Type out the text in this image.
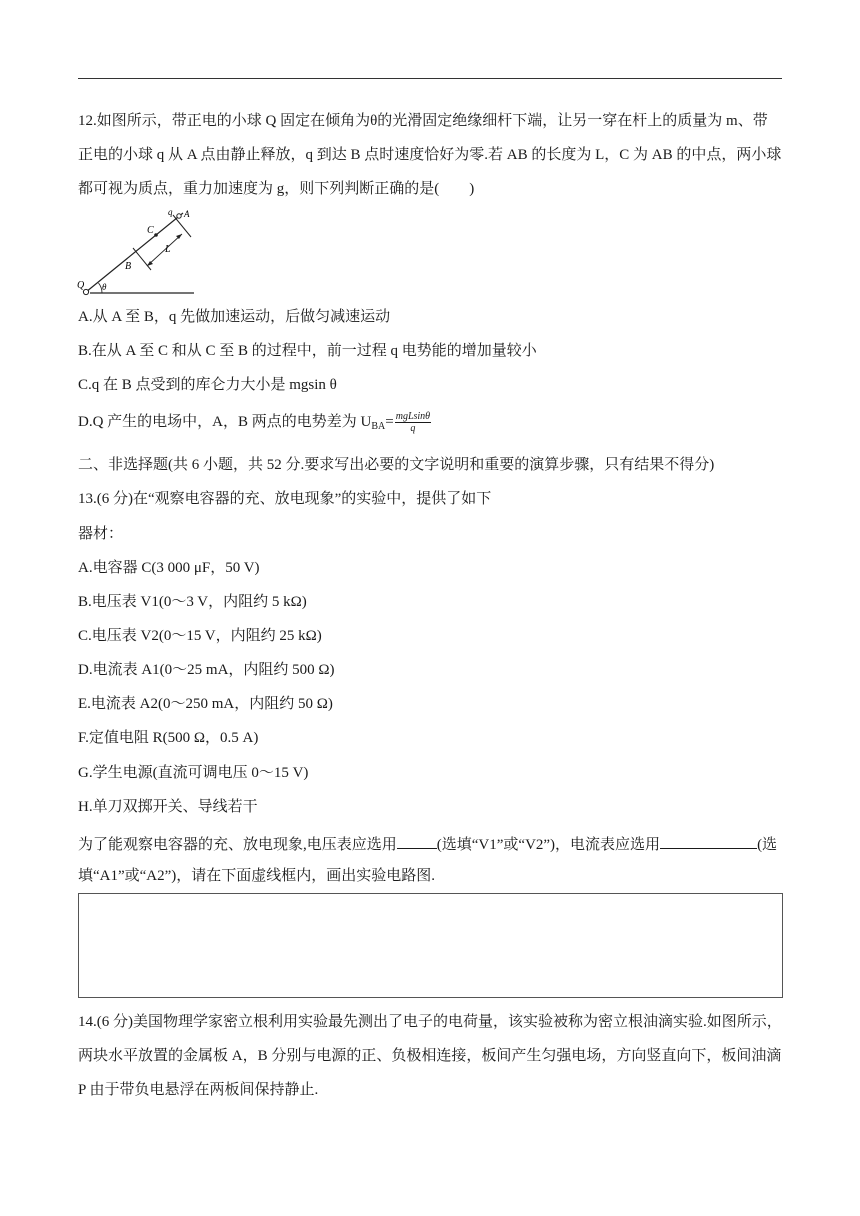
12.如图所示，带正电的小球 Q 固定在倾角为θ的光滑固定绝缘细杆下端，让另一穿在杆上的质量为 m、带正电的小球 q 从 A 点由静止释放，q 到达 B 点时速度恰好为零.若 AB 的长度为 L，C 为 AB 的中点，两小球都可视为质点，重力加速度为 g，则下列判断正确的是(　　)
Q θ
B
C
q A
L
A.从 A 至 B，q 先做加速运动，后做匀减速运动
B.在从 A 至 C 和从 C 至 B 的过程中，前一过程 q 电势能的增加量较小
C.q 在 B 点受到的库仑力大小是 mgsin θ
D.Q 产生的电场中，A，B 两点的电势差为 $U_{BA}= \frac{\text{mgLsinθ}}{q}$
二、非选择题(共 6 小题，共 52 分.要求写出必要的文字说明和重要的演算步骤，只有结果不得分)
13.(6 分)在“观察电容器的充、放电现象”的实验中，提供了如下
器材：
A.电容器 C(3 000 μF，50 V)
B.电压表 V1(0～3 V，内阻约 5 kΩ)
C.电压表 V2(0～15 V，内阻约 25 kΩ)
D.电流表 A1(0～25 mA，内阻约 500 Ω)
E.电流表 A2(0～250 mA，内阻约 50 Ω)
F.定值电阻 R(500 Ω，0.5 A)
G.学生电源(直流可调电压 0～15 V)
H.单刀双掷开关、导线若干
为了能观察电容器的充、放电现象,电压表应选用	(选填“V1”或“V2”)，电流表应选用	(选
填“A1”或“A2”)，请在下面虚线框内，画出实验电路图.
14.(6 分)美国物理学家密立根利用实验最先测出了电子的电荷量，该实验被称为密立根油滴实验.如图所示，两块水平放置的金属板 A，B 分别与电源的正、负极相连接，板间产生匀强电场，方向竖直向下，板间油滴 P 由于带负电悬浮在两板间保持静止.
